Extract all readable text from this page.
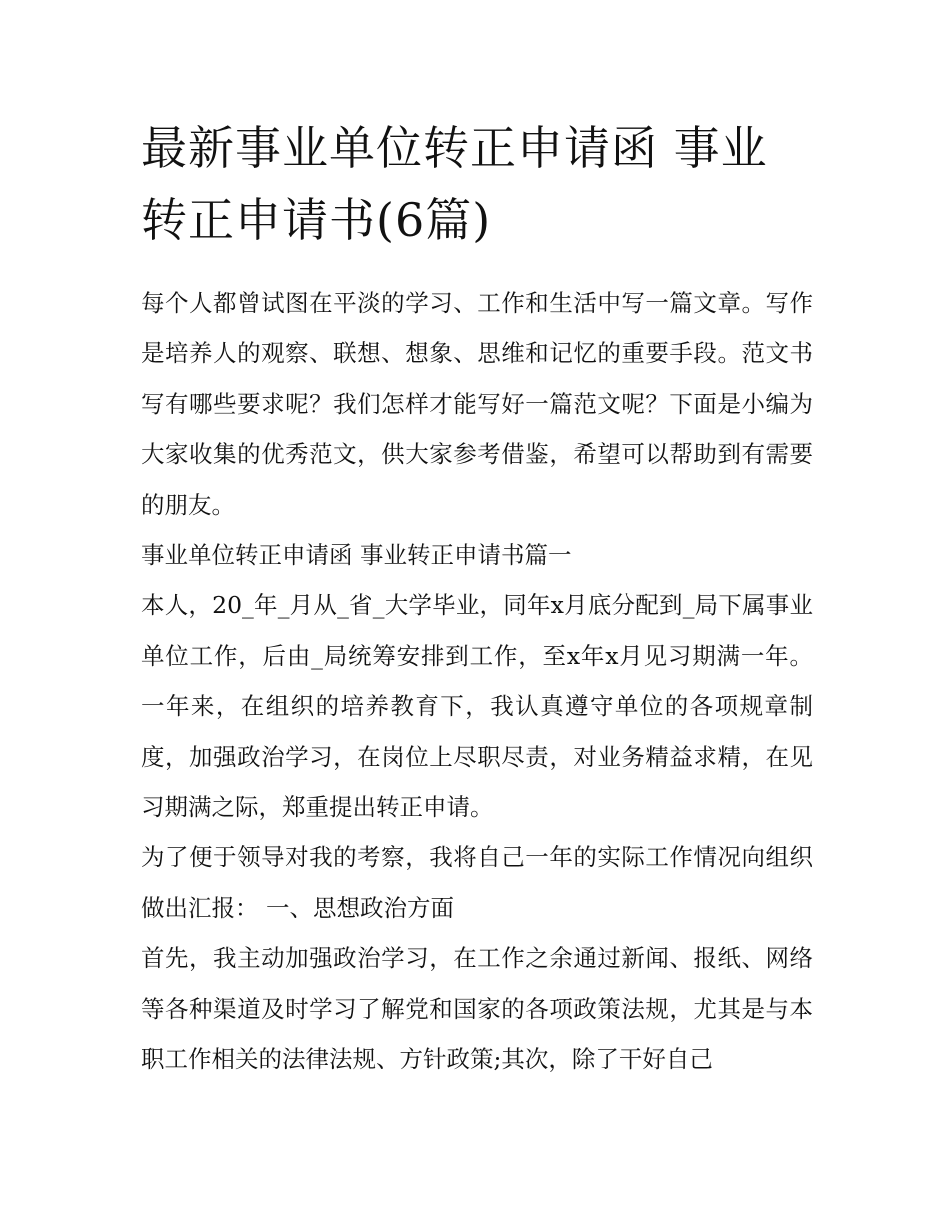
最新事业单位转正申请函 事业转正申请书(6篇)

每个人都曾试图在平淡的学习、工作和生活中写一篇文章。写作是培养人的观察、联想、想象、思维和记忆的重要手段。范文书写有哪些要求呢？我们怎样才能写好一篇范文呢？下面是小编为大家收集的优秀范文，供大家参考借鉴，希望可以帮助到有需要的朋友。

事业单位转正申请函 事业转正申请书篇一

本人，20_年_月从_省_大学毕业，同年x月底分配到_局下属事业单位工作，后由_局统筹安排到工作，至x年x月见习期满一年。一年来，在组织的培养教育下，我认真遵守单位的各项规章制度，加强政治学习，在岗位上尽职尽责，对业务精益求精，在见习期满之际，郑重提出转正申请。

为了便于领导对我的考察，我将自己一年的实际工作情况向组织做出汇报： 一、思想政治方面

首先，我主动加强政治学习，在工作之余通过新闻、报纸、网络等各种渠道及时学习了解党和国家的各项政策法规，尤其是与本职工作相关的法律法规、方针政策;其次，除了干好自己
